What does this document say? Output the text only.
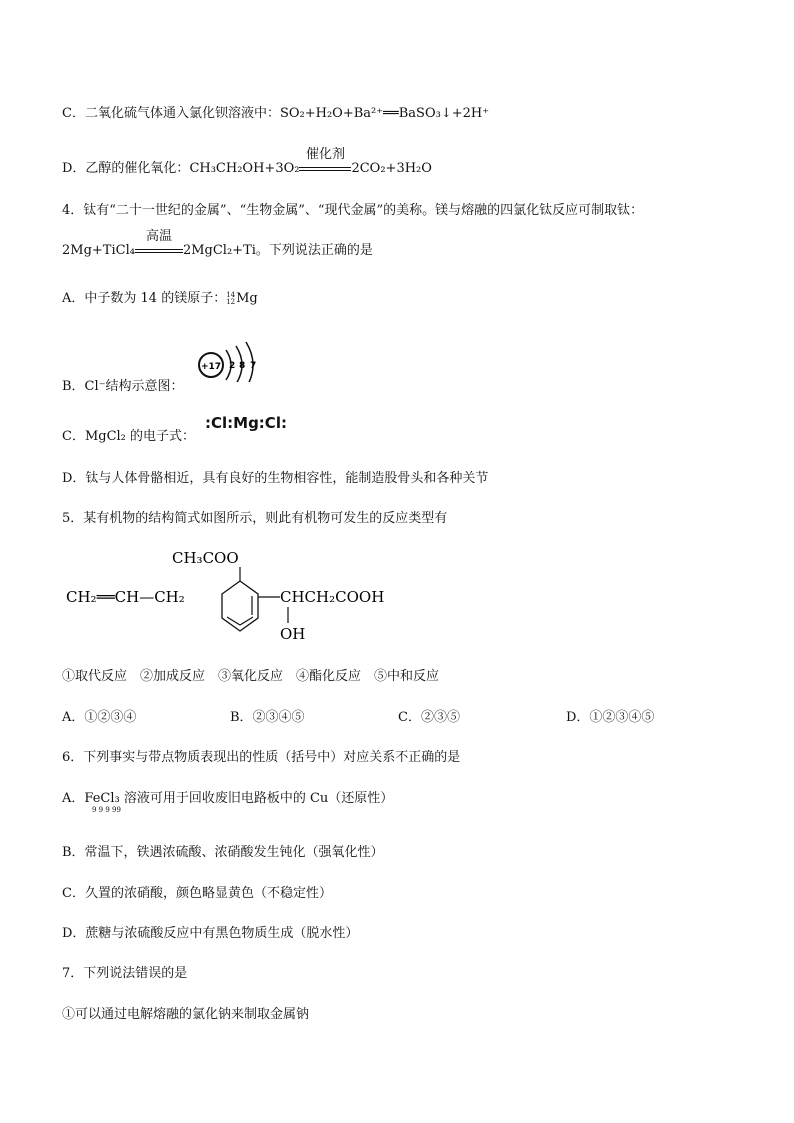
C．二氧化硫气体通入氯化钡溶液中：SO₂+H₂O+Ba²⁺══BaSO₃↓+2H⁺
D．乙醇的催化氧化：CH₃CH₂OH+3O₂
催化剂
2CO₂+3H₂O
4．钛有“二十一世纪的金属”、“生物金属”、“现代金属”的美称。镁与熔融的四氯化钛反应可制取钛：
2Mg+TiCl₄
高温
2MgCl₂+Ti。下列说法正确的是
A．中子数为 14 的镁原子： 14
12 Mg
B．Cl⁻结构示意图：
+17 2 8 7
C．MgCl₂ 的电子式：
:Cl:Mg:Cl:
D．钛与人体骨骼相近，具有良好的生物相容性，能制造股骨头和各种关节
5．某有机物的结构简式如图所示，则此有机物可发生的反应类型有
CH₃COO
CH₂══CH—CH₂	CHCH₂COOH
OH
①取代反应　②加成反应　③氧化反应　④酯化反应　⑤中和反应
A．①②③④	B．②③④⑤	C．②③⑤	D．①②③④⑤
6．下列事实与带点物质表现出的性质（括号中）对应关系不正确的是
A．FeCl₃ 溶液可用于回收废旧电路板中的 Cu（还原性）
9 9 9 99
B．常温下，铁遇浓硫酸、浓硝酸发生钝化（强氧化性）
C．久置的浓硝酸，颜色略显黄色（不稳定性）
D．蔗糖与浓硫酸反应中有黑色物质生成（脱水性）
7．下列说法错误的是
①可以通过电解熔融的氯化钠来制取金属钠
